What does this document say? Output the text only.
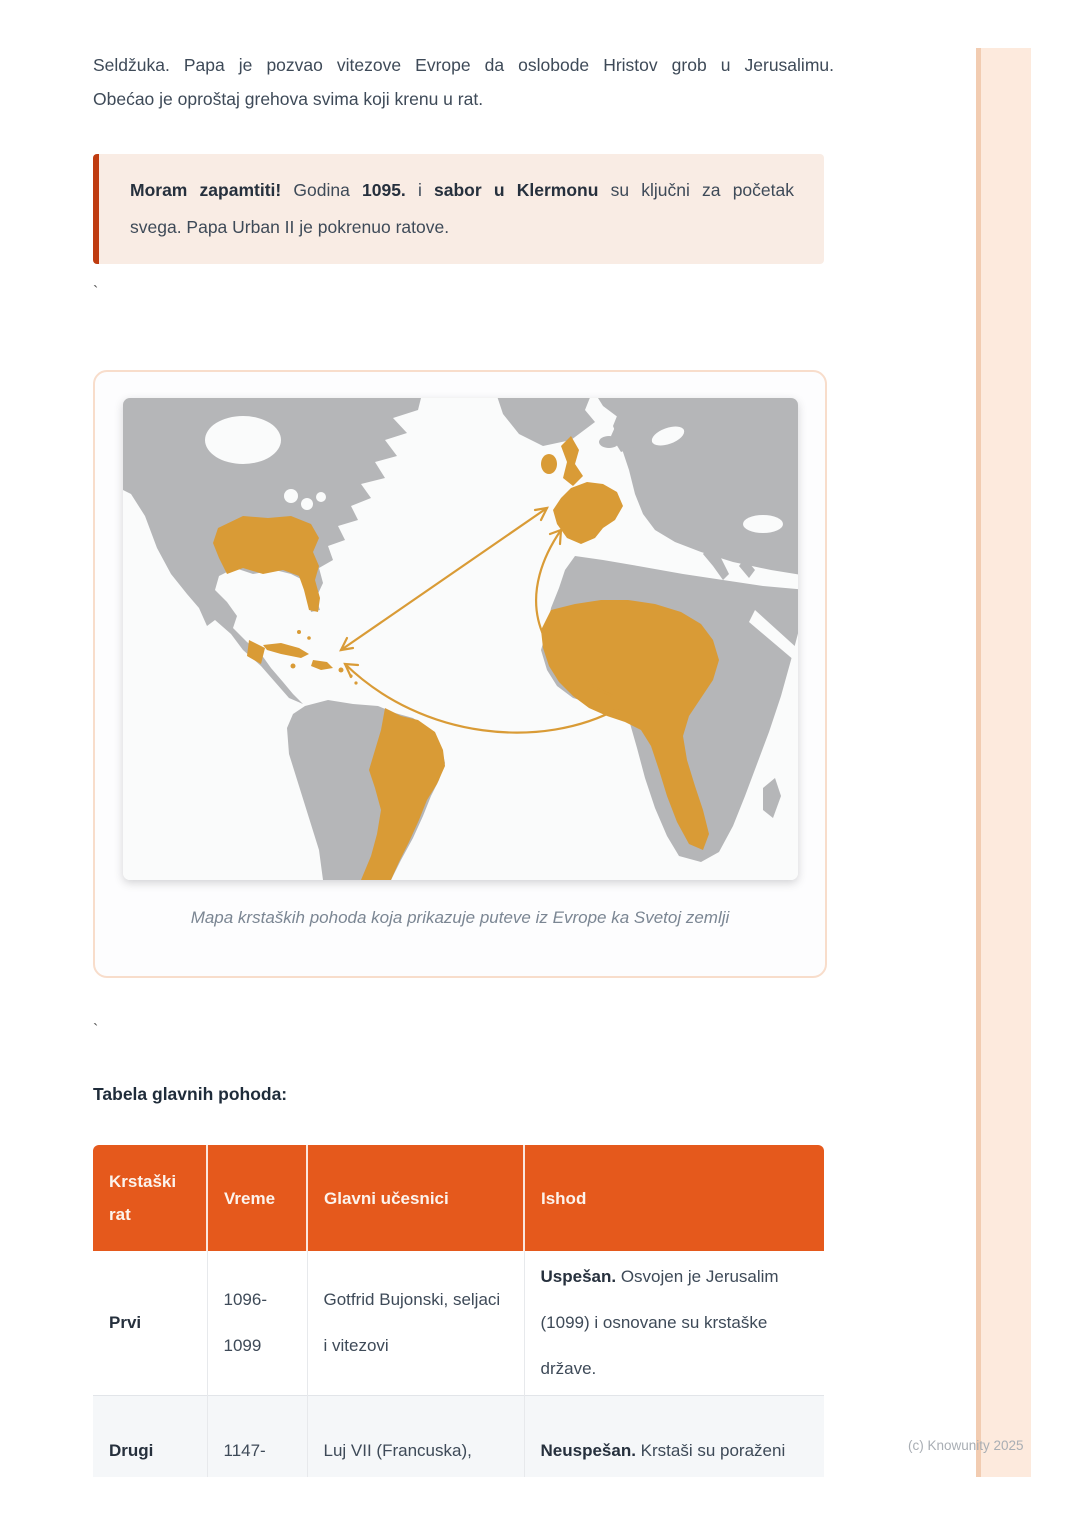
Seldžuka. Papa je pozvao vitezove Evrope da oslobode Hristov grob u Jerusalimu.
Obećao je oproštaj grehova svima koji krenu u rat.
Moram zapamtiti! Godina 1095. i sabor u Klermonu su ključni za početak
svega. Papa Urban II je pokrenuo ratove.
`
Mapa krstaških pohoda koja prikazuje puteve iz Evrope ka Svetoj zemlji
`
Tabela glavnih pohoda:
Krstaški rat	Vreme	Glavni učesnici	Ishod
Prvi	1096-1099	Gotfrid Bujonski, seljaci i vitezovi	Uspešan. Osvojen je Jerusalim (1099) i osnovane su krstaške države.
Drugi	1147-	Luj VII (Francuska),	Neuspešan. Krstaši su poraženi	(c) Knowunity 2025
